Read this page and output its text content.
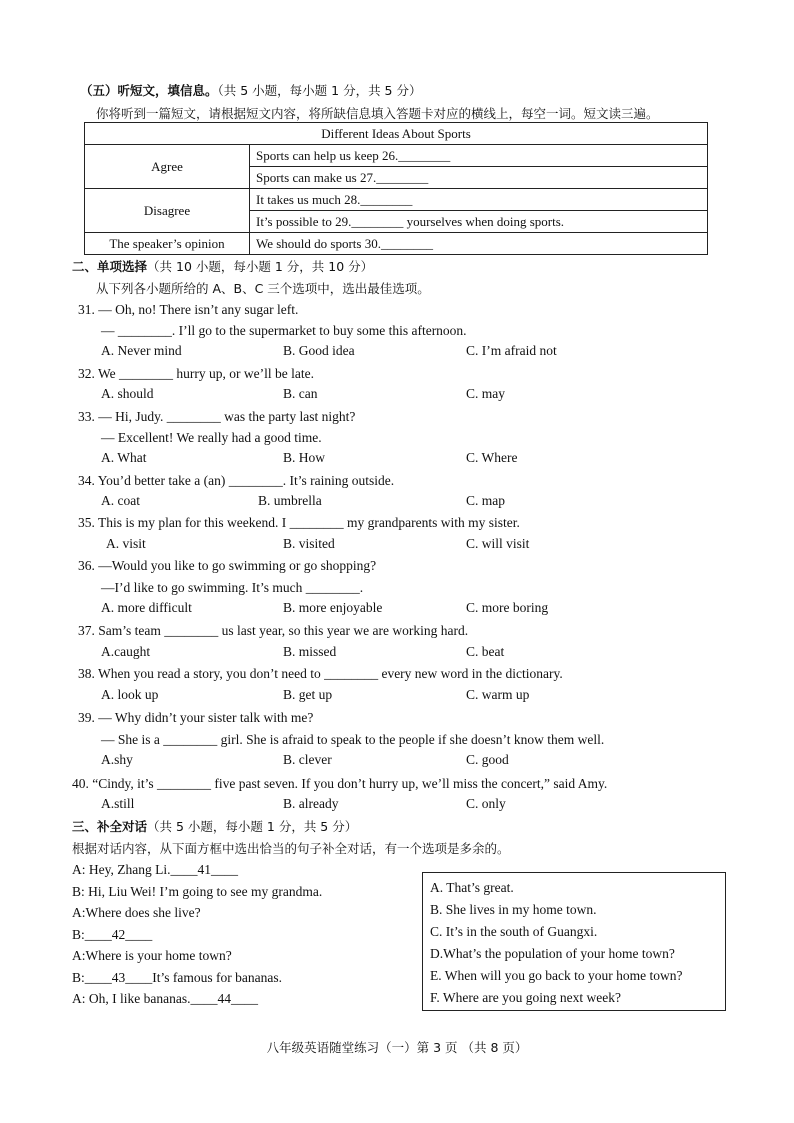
（五）听短文，填信息。（共 5 小题，每小题 1 分，共 5 分）
你将听到一篇短文，请根据短文内容，将所缺信息填入答题卡对应的横线上，每空一词。短文读三遍。
Different Ideas About Sports	
Agree	Sports can help us keep 26.________
	Sports can make us 27.________
Disagree	It takes us much 28.________
	It’s possible to 29.________ yourselves when doing sports.
The speaker’s opinion	We should do sports 30.________
二、单项选择（共 10 小题，每小题 1 分，共 10 分）
从下列各小题所给的 A、B、C 三个选项中，选出最佳选项。
31. — Oh, no! There isn’t any sugar left.
— ________. I’ll go to the supermarket to buy some this afternoon.
A. Never mind	B. Good idea	C. I’m afraid not
32. We ________ hurry up, or we’ll be late.
A. should	B. can	C. may
33. — Hi, Judy. ________ was the party last night?
— Excellent! We really had a good time.
A. What	B. How	C. Where
34. You’d better take a (an) ________. It’s raining outside.
A. coat	B. umbrella	C. map
35. This is my plan for this weekend. I ________ my grandparents with my sister.
A. visit	B. visited	C. will visit
36. —Would you like to go swimming or go shopping?
—I’d like to go swimming. It’s much ________.
A. more difficult	B. more enjoyable	C. more boring
37. Sam’s team ________ us last year, so this year we are working hard.
A.caught	B. missed	C. beat
38. When you read a story, you don’t need to ________ every new word in the dictionary.
A. look up	B. get up	C. warm up
39. — Why didn’t your sister talk with me?
— She is a ________ girl. She is afraid to speak to the people if she doesn’t know them well.
A.shy	B. clever	C. good
40. “Cindy, it’s ________ five past seven. If you don’t hurry up, we’ll miss the concert,” said Amy.
A.still	B. already	C. only
三、补全对话（共 5 小题，每小题 1 分，共 5 分）
根据对话内容，从下面方框中选出恰当的句子补全对话，有一个选项是多余的。
A: Hey, Zhang Li.____41____
B: Hi, Liu Wei! I’m going to see my grandma.
A:Where does she live?
B:____42____
A:Where is your home town?
B:____43____It’s famous for bananas.
A: Oh, I like bananas.____44____
A. That’s great.
B. She lives in my home town.
C. It’s in the south of Guangxi.
D.What’s the population of your home town?
E. When will you go back to your home town?
F. Where are you going next week?
八年级英语随堂练习（一）第 3 页 （共 8 页）
